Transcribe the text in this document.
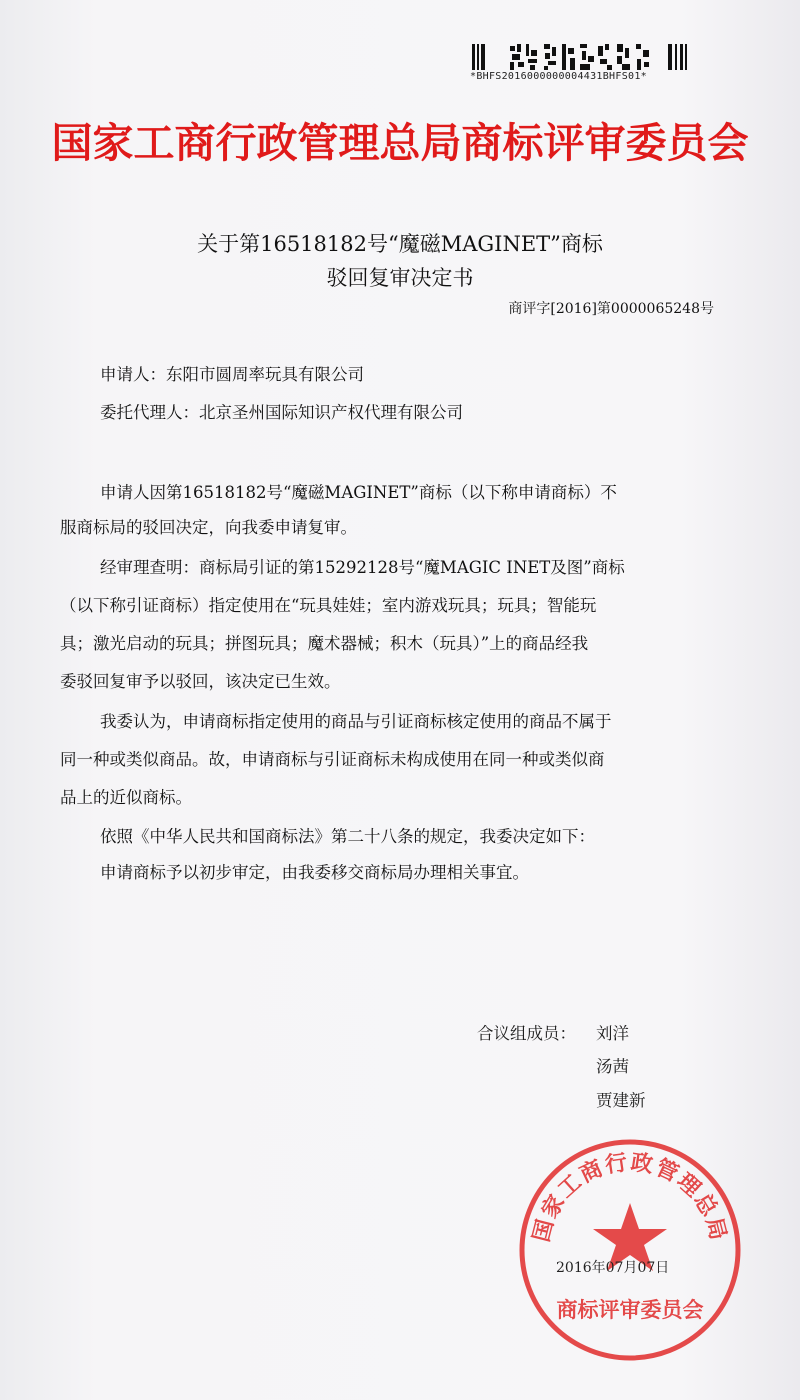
*BHFS2016000000004431BHFS01*
国家工商行政管理总局商标评审委员会
关于第16518182号“魔磁MAGINET”商标
驳回复审决定书
商评字[2016]第0000065248号
申请人：东阳市圆周率玩具有限公司
委托代理人：北京圣州国际知识产权代理有限公司
申请人因第16518182号“魔磁MAGINET”商标（以下称申请商标）不
服商标局的驳回决定，向我委申请复审。
经审理查明：商标局引证的第15292128号“魔MAGIC INET及图”商标
（以下称引证商标）指定使用在“玩具娃娃；室内游戏玩具；玩具；智能玩
具；激光启动的玩具；拼图玩具；魔术器械；积木（玩具）”上的商品经我
委驳回复审予以驳回，该决定已生效。
我委认为，申请商标指定使用的商品与引证商标核定使用的商品不属于
同一种或类似商品。故，申请商标与引证商标未构成使用在同一种或类似商
品上的近似商标。
依照《中华人民共和国商标法》第二十八条的规定，我委决定如下：
申请商标予以初步审定，由我委移交商标局办理相关事宜。
合议组成员： 刘洋
汤茜
贾建新
国家工商行政管理总局
商标评审委员会
2016年07月07日
